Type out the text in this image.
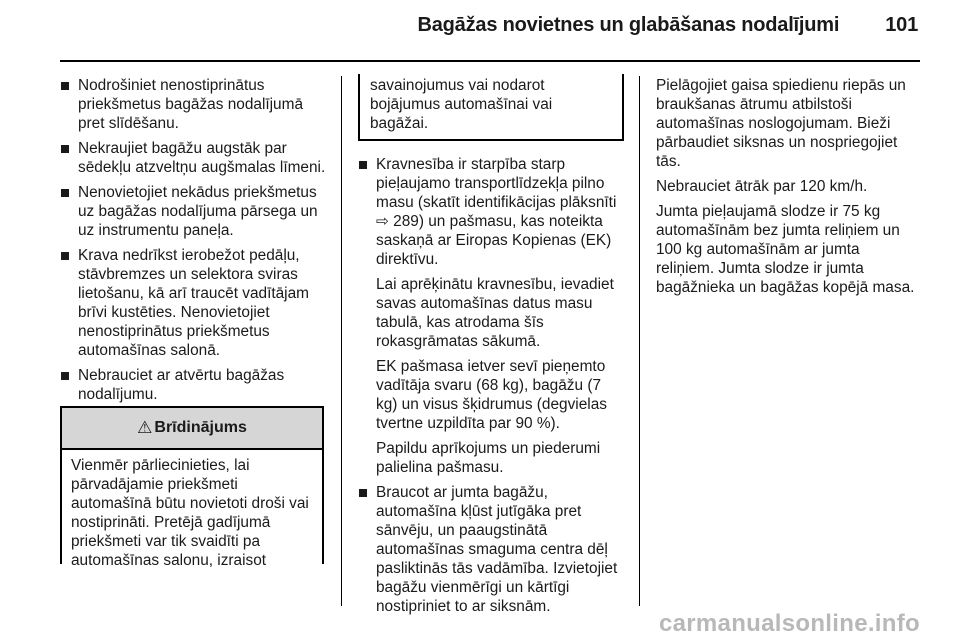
Bagāžas novietnes un glabāšanas nodalījumi 101
Nodrošiniet nenostiprinātus priekšmetus bagāžas nodalījumā pret slīdēšanu.
Nekraujiet bagāžu augstāk par sēdekļu atzveltņu augšmalas līmeni.
Nenovietojiet nekādus priekšmetus uz bagāžas nodalījuma pārsega un uz instrumentu paneļa.
Krava nedrīkst ierobežot pedāļu, stāvbremzes un selektora sviras lietošanu, kā arī traucēt vadītājam brīvi kustēties. Nenovietojiet nenostiprinātus priekšmetus automašīnas salonā.
Nebrauciet ar atvērtu bagāžas nodalījumu.
⚠ Brīdinājums
Vienmēr pārliecinieties, lai pārvadājamie priekšmeti automašīnā būtu novietoti droši vai nostiprināti. Pretējā gadījumā priekšmeti var tik svaidīti pa automašīnas salonu, izraisot
savainojumus vai nodarot bojājumus automašīnai vai bagāžai.
Kravnesība ir starpība starp pieļaujamo transportlīdzekļa pilno masu (skatīt identifikācijas plāksnīti ⇨ 289) un pašmasu, kas noteikta saskaņā ar Eiropas Kopienas (EK) direktīvu.

Lai aprēķinātu kravnesību, ievadiet savas automašīnas datus masu tabulā, kas atrodama šīs rokasgrāmatas sākumā.

EK pašmasa ietver sevī pieņemto vadītāja svaru (68 kg), bagāžu (7 kg) un visus šķidrumus (degvielas tvertne uzpildīta par 90 %).

Papildu aprīkojums un piederumi palielina pašmasu.

Braucot ar jumta bagāžu, automašīna kļūst jutīgāka pret sānvēju, un paaugstinātā automašīnas smaguma centra dēļ pasliktinās tās vadāmība. Izvietojiet bagāžu vienmērīgi un kārtīgi nostipriniet to ar siksnām.

Pielāgojiet gaisa spiedienu riepās un braukšanas ātrumu atbilstoši automašīnas noslogojumam. Bieži pārbaudiet siksnas un nospriegojiet tās.

Nebrauciet ātrāk par 120 km/h.

Jumta pieļaujamā slodze ir 75 kg automašīnām bez jumta reliņiem un 100 kg automašīnām ar jumta reliņiem. Jumta slodze ir jumta bagāžnieka un bagāžas kopējā masa.

carmanualsonline.info
